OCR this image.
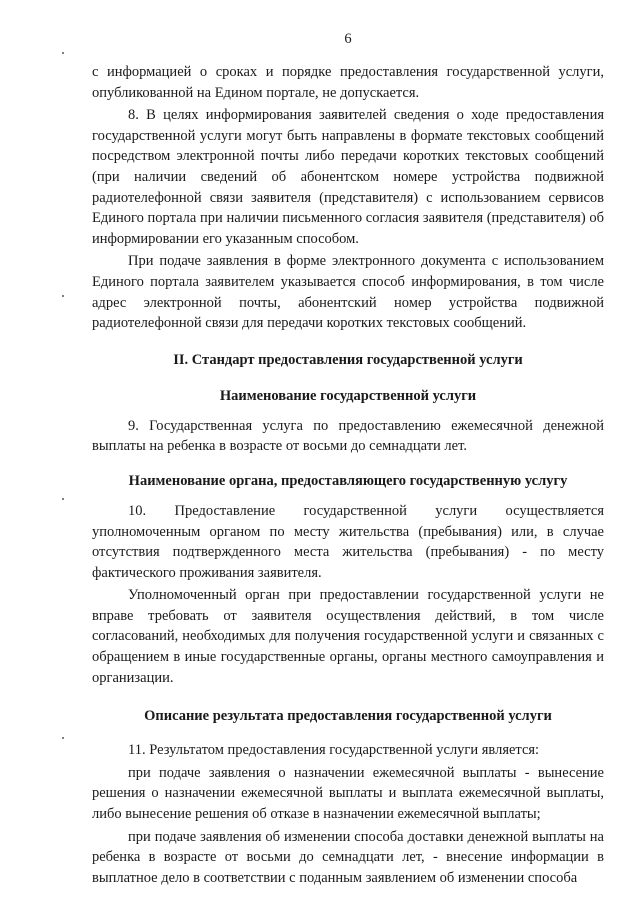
6

с информацией о сроках и порядке предоставления государственной услуги, опубликованной на Едином портале, не допускается.

8. В целях информирования заявителей сведения о ходе предоставления государственной услуги могут быть направлены в формате текстовых сообщений посредством электронной почты либо передачи коротких текстовых сообщений (при наличии сведений об абонентском номере устройства подвижной радиотелефонной связи заявителя (представителя) с использованием сервисов Единого портала при наличии письменного согласия заявителя (представителя) об информировании его указанным способом.

При подаче заявления в форме электронного документа с использованием Единого портала заявителем указывается способ информирования, в том числе адрес электронной почты, абонентский номер устройства подвижной радиотелефонной связи для передачи коротких текстовых сообщений.

II. Стандарт предоставления государственной услуги
Наименование государственной услуги

9. Государственная услуга по предоставлению ежемесячной денежной выплаты на ребенка в возрасте от восьми до семнадцати лет.

Наименование органа, предоставляющего государственную услугу

10. Предоставление государственной услуги осуществляется уполномоченным органом по месту жительства (пребывания) или, в случае отсутствия подтвержденного места жительства (пребывания) - по месту фактического проживания заявителя.

Уполномоченный орган при предоставлении государственной услуги не вправе требовать от заявителя осуществления действий, в том числе согласований, необходимых для получения государственной услуги и связанных с обращением в иные государственные органы, органы местного самоуправления и организации.

Описание результата предоставления государственной услуги

11. Результатом предоставления государственной услуги является:

при подаче заявления о назначении ежемесячной выплаты - вынесение решения о назначении ежемесячной выплаты и выплата ежемесячной выплаты, либо вынесение решения об отказе в назначении ежемесячной выплаты;

при подаче заявления об изменении способа доставки денежной выплаты на ребенка в возрасте от восьми до семнадцати лет, - внесение информации в выплатное дело в соответствии с поданным заявлением об изменении способа
